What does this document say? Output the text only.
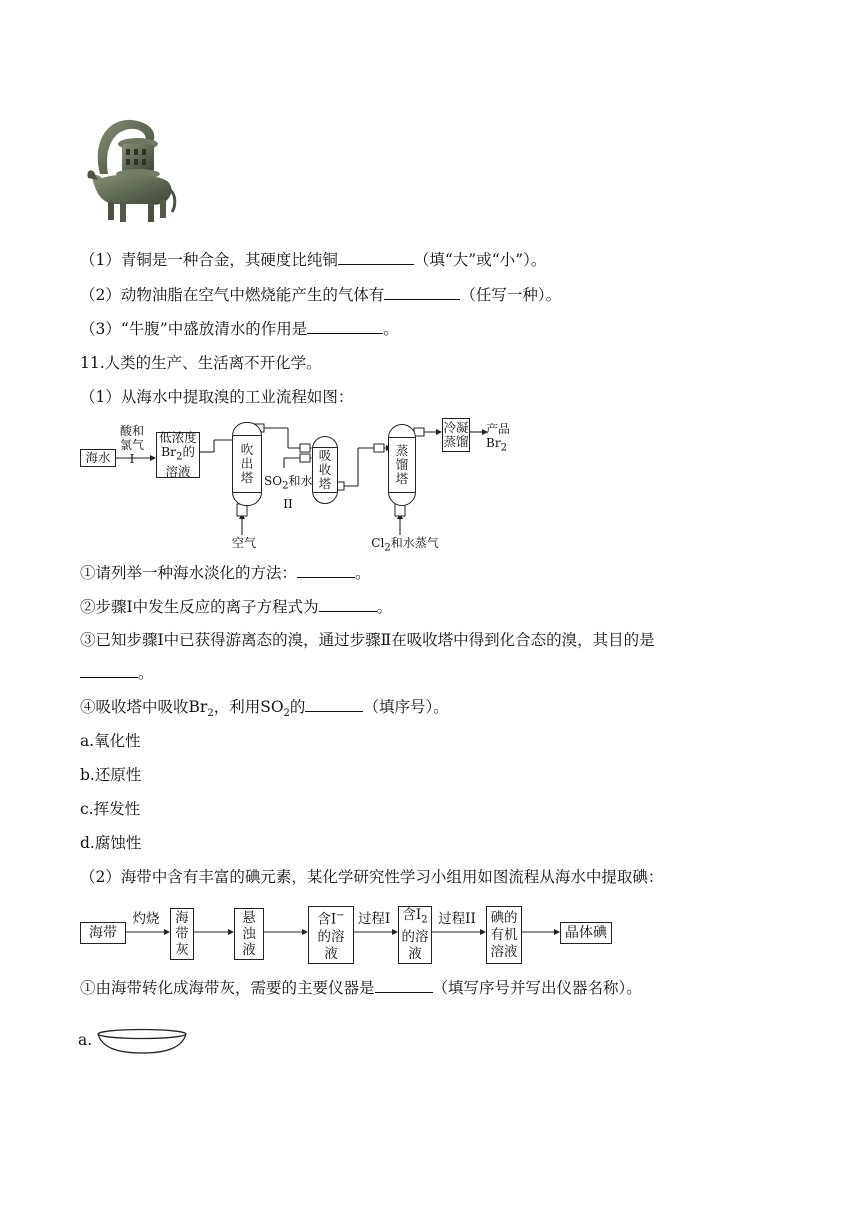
（1）青铜是一种合金，其硬度比纯铜	（填“大”或“小”）。
（2）动物油脂在空气中燃烧能产生的气体有	（任写一种）。
（3）“牛腹”中盛放清水的作用是	。
11.人类的生产、生活离不开化学。
（1）从海水中提取溴的工业流程如图：
海水
酸和
氯气
I
低浓度
$Br_2$的
溶液
吹
出
塔
空气
$SO_2$和水
II
吸
收
塔
蒸
馏
塔
$Cl_2$和水蒸气
冷凝
蒸馏
产品
$Br_2$
①请列举一种海水淡化的方法：	。
②步骤Ⅰ中发生反应的离子方程式为	。
③已知步骤Ⅰ中已获得游离态的溴，通过步骤Ⅱ在吸收塔中得到化合态的溴，其目的是
。
④吸收塔中吸收$Br_2$，利用$SO_2$的	（填序号）。
a.氧化性
b.还原性
c.挥发性
d.腐蚀性
（2）海带中含有丰富的碘元素，某化学研究性学习小组用如图流程从海水中提取碘：
海带
灼烧	海
带
灰
悬
浊
液
含I−
的溶
液
过程I 含$I_2$
的溶
液
过程II	碘的
有机
溶液
晶体碘
①由海带转化成海带灰，需要的主要仪器是	（填写序号并写出仪器名称）。
a.
